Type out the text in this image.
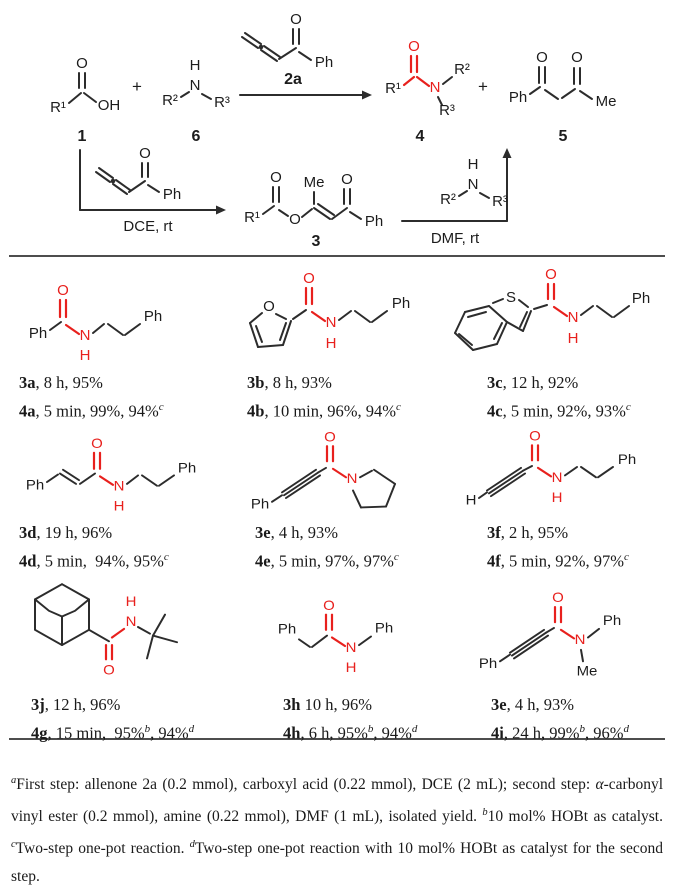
R¹
O
OH
1
+
R²
N
H
R³
6
O
Ph
2a
R¹
O
N
R²
R³
4
+
Ph
O O
Me
5
O
Ph
DCE, rt
R¹
O
O
Me O
Ph
3
R²
N
H
R³
DMF, rt
Ph
O
N
H
Ph
3a, 8 h, 95%
4a, 5 min, 99%, 94%$^c$
O
O
N
H
Ph
3b, 8 h, 93%
4b, 10 min, 96%, 94%$^c$
S
O
N
H
Ph
3c, 12 h, 92%
4c, 5 min, 92%, 93%$^c$
Ph
O
N
H
Ph
3d, 19 h, 96%
4d, 5 min,  94%, 95%$^c$
Ph
O
N
3e, 4 h, 93%
4e, 5 min, 97%, 97%$^c$
H
O
N
H
Ph
3f, 2 h, 95%
4f, 5 min, 92%, 97%$^c$
O
N
H
3j, 12 h, 96%
4g, 15 min,  95%$^b$, 94%$^d$
Ph
O
N
H
Ph
3h 10 h, 96%
4h, 6 h, 95%$^b$, 94%$^d$
Ph
O
N
Ph
Me
3e, 4 h, 93%
4i, 24 h, 99%$^b$, 96%$^d$

$^a$First step: allenone 2a (0.2 mmol), carboxyl acid (0.22 mmol), DCE (2 mL); second step: α-carbonyl vinyl ester (0.2 mmol), amine (0.22 mmol), DMF (1 mL), isolated yield. $^b$10 mol% HOBt as catalyst. $^c$Two-step one-pot reaction. $^d$Two-step one-pot reaction with 10 mol% HOBt as catalyst for the second step.
